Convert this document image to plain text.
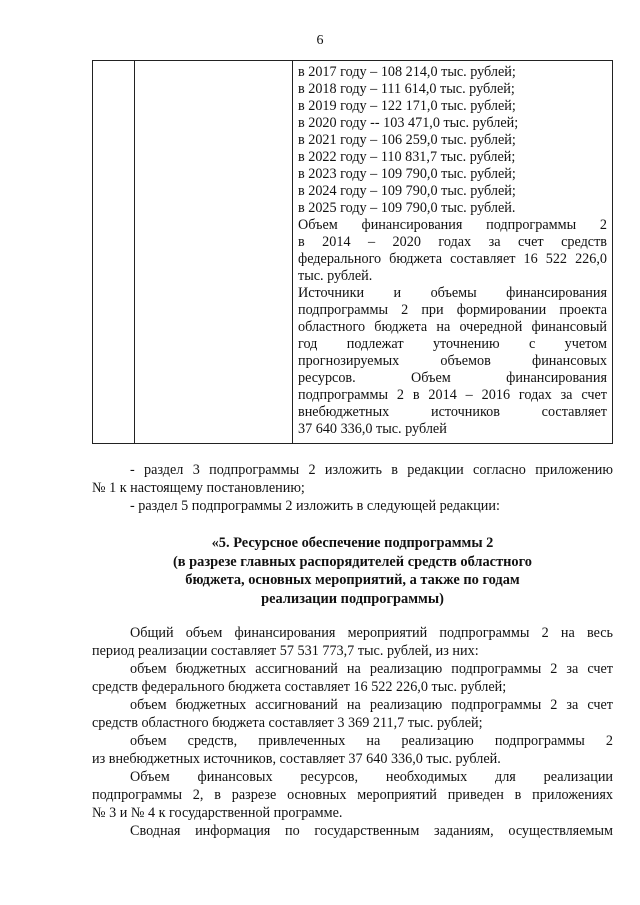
6
в 2017 году – 108 214,0 тыс. рублей;
в 2018 году – 111 614,0 тыс. рублей;
в 2019 году – 122 171,0 тыс. рублей;
в 2020 году -- 103 471,0 тыс. рублей;
в 2021 году – 106 259,0 тыс. рублей;
в 2022 году – 110 831,7 тыс. рублей;
в 2023 году – 109 790,0 тыс. рублей;
в 2024 году – 109 790,0 тыс. рублей;
в 2025 году – 109 790,0 тыс. рублей.
Объем финансирования подпрограммы 2
в 2014 – 2020 годах за счет средств
федерального бюджета составляет 16 522 226,0
тыс. рублей.
Источники и объемы финансирования
подпрограммы 2 при формировании проекта
областного бюджета на очередной финансовый
год подлежат уточнению с учетом
прогнозируемых объемов финансовых
ресурсов. Объем финансирования
подпрограммы 2 в 2014 – 2016 годах за счет
внебюджетных источников составляет
37 640 336,0 тыс. рублей
- раздел 3 подпрограммы 2 изложить в редакции согласно приложению
№ 1 к настоящему постановлению;
- раздел 5 подпрограммы 2 изложить в следующей редакции:
«5. Ресурсное обеспечение подпрограммы 2
(в разрезе главных распорядителей средств областного
бюджета, основных мероприятий, а также по годам
реализации подпрограммы)
Общий объем финансирования мероприятий подпрограммы 2 на весь
период реализации составляет 57 531 773,7 тыс. рублей, из них:
объем бюджетных ассигнований на реализацию подпрограммы 2 за счет
средств федерального бюджета составляет 16 522 226,0 тыс. рублей;
объем бюджетных ассигнований на реализацию подпрограммы 2 за счет
средств областного бюджета составляет 3 369 211,7 тыс. рублей;
объем средств, привлеченных на реализацию подпрограммы 2
из внебюджетных источников, составляет 37 640 336,0 тыс. рублей.
Объем финансовых ресурсов, необходимых для реализации
подпрограммы 2, в разрезе основных мероприятий приведен в приложениях
№ 3 и № 4 к государственной программе.
Сводная информация по государственным заданиям, осуществляемым
